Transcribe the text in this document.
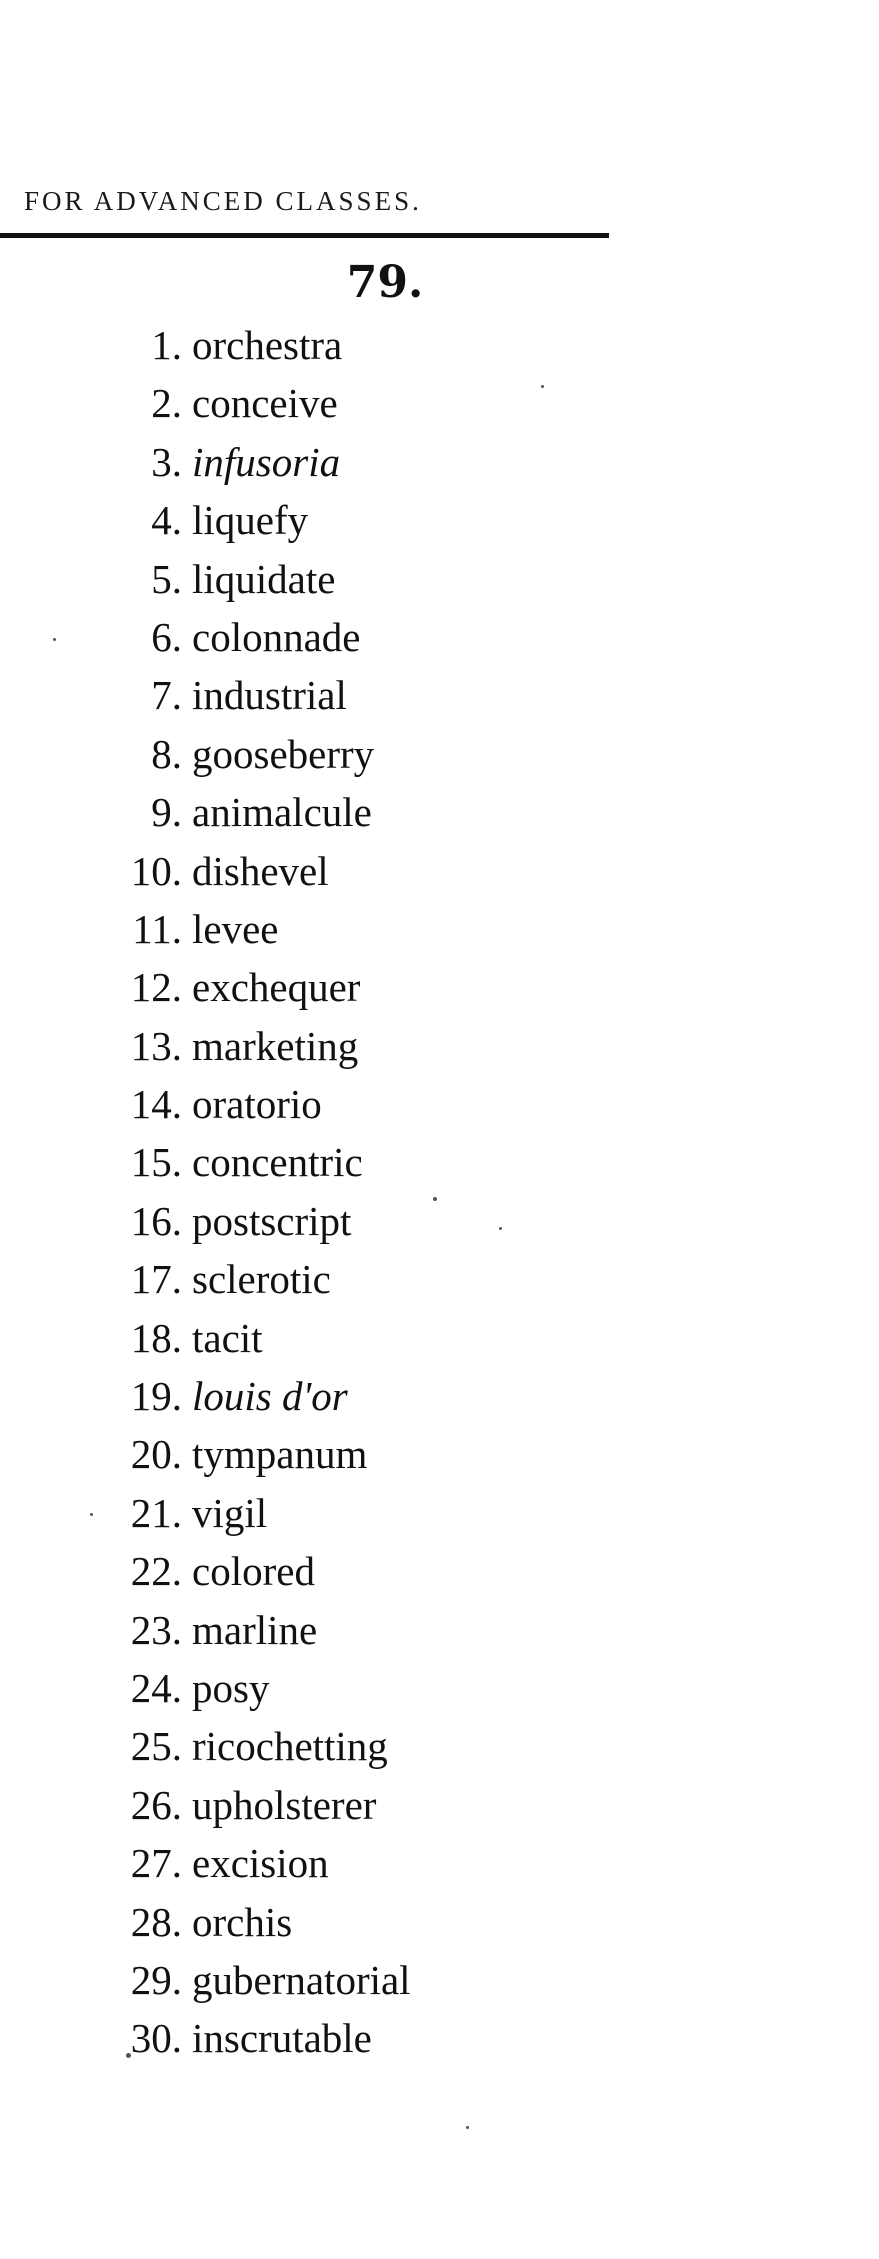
FOR ADVANCED CLASSES.
79.
1. orchestra
2. conceive
3. infusoria
4. liquefy
5. liquidate
6. colonnade
7. industrial
8. gooseberry
9. animalcule
10. dishevel
11. levee
12. exchequer
13. marketing
14. oratorio
15. concentric
16. postscript
17. sclerotic
18. tacit
19. louis d'or
20. tympanum
21. vigil
22. colored
23. marline
24. posy
25. ricochetting
26. upholsterer
27. excision
28. orchis
29. gubernatorial
30. inscrutable
